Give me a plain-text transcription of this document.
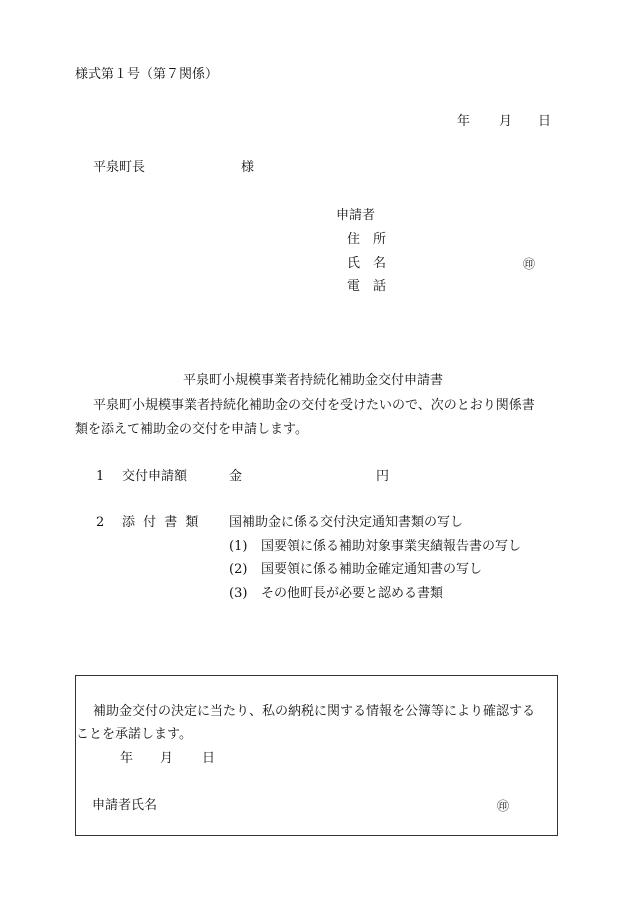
様式第１号（第７関係）
年 月 日
平泉町長	様
申請者
住　所
氏　名	㊞
電　話
平泉町小規模事業者持続化補助金交付申請書
平泉町小規模事業者持続化補助金の交付を受けたいので、次のとおり関係書
類を添えて補助金の交付を申請します。
1 交付申請額	金	円
2 添 付 書 類 国補助金に係る交付決定通知書類の写し
(1) 国要領に係る補助対象事業実績報告書の写し
(2) 国要領に係る補助金確定通知書の写し
(3) その他町長が必要と認める書類
補助金交付の決定に当たり、私の納税に関する情報を公簿等により確認する
ことを承諾します。
年 月 日
申請者氏名	㊞
